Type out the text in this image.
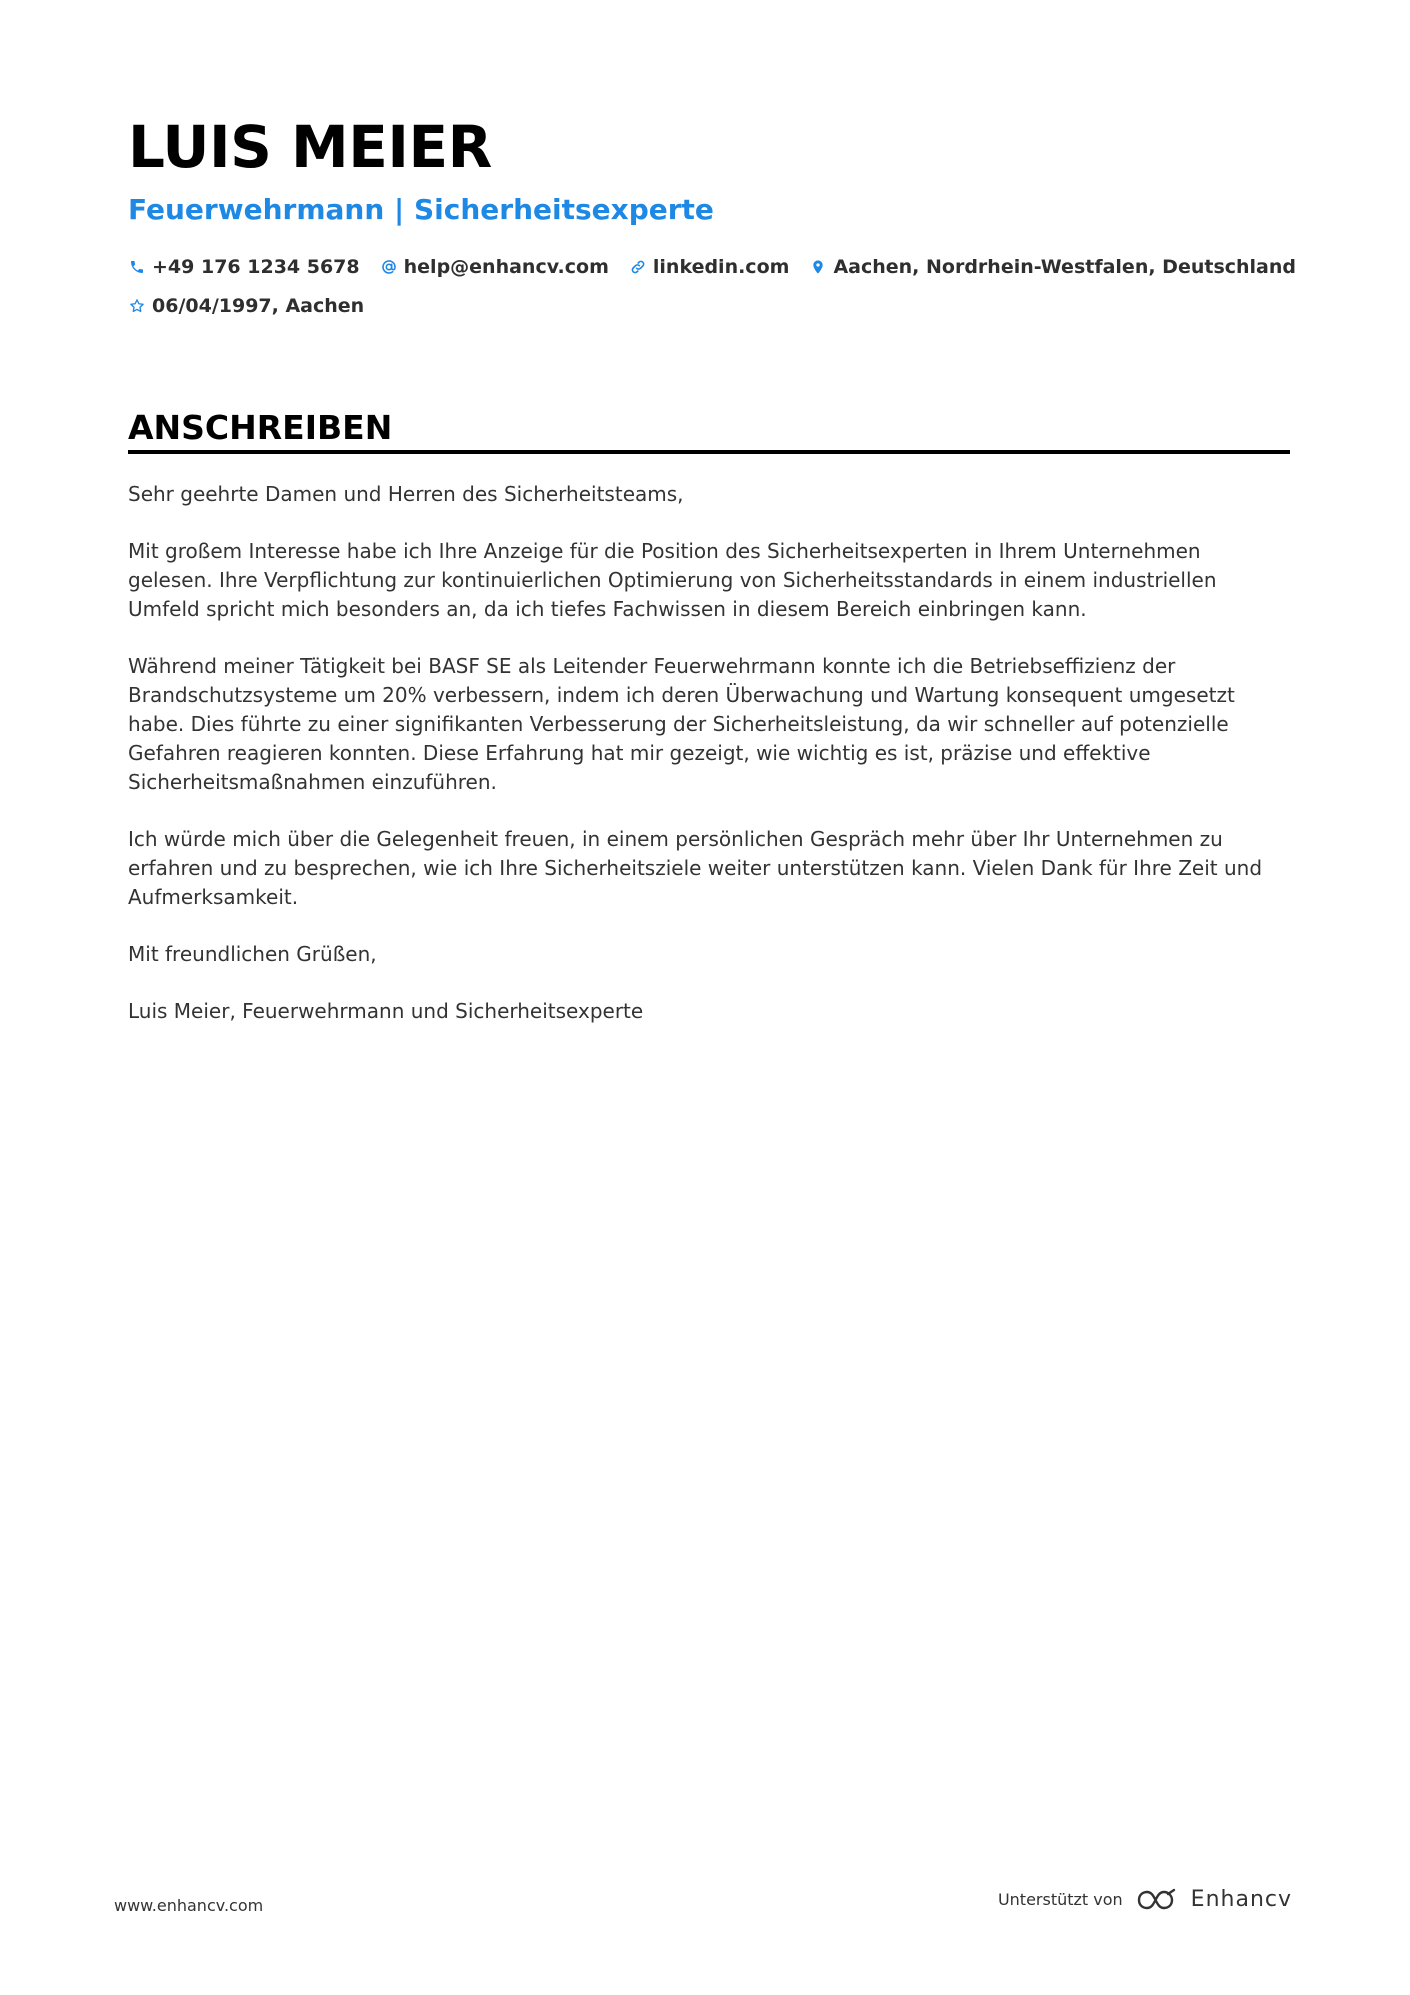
LUIS MEIER
Feuerwehrmann | Sicherheitsexperte
+49 176 1234 5678 help@enhancv.com linkedin.com Aachen, Nordrhein-Westfalen, Deutschland
06/04/1997, Aachen
ANSCHREIBEN

Sehr geehrte Damen und Herren des Sicherheitsteams,

Mit großem Interesse habe ich Ihre Anzeige für die Position des Sicherheitsexperten in Ihrem Unternehmen gelesen. Ihre Verpflichtung zur kontinuierlichen Optimierung von Sicherheitsstandards in einem industriellen Umfeld spricht mich besonders an, da ich tiefes Fachwissen in diesem Bereich einbringen kann.

Während meiner Tätigkeit bei BASF SE als Leitender Feuerwehrmann konnte ich die Betriebseffizienz der Brandschutzsysteme um 20% verbessern, indem ich deren Überwachung und Wartung konsequent umgesetzt habe. Dies führte zu einer signifikanten Verbesserung der Sicherheitsleistung, da wir schneller auf potenzielle Gefahren reagieren konnten. Diese Erfahrung hat mir gezeigt, wie wichtig es ist, präzise und effektive Sicherheitsmaßnahmen einzuführen.

Ich würde mich über die Gelegenheit freuen, in einem persönlichen Gespräch mehr über Ihr Unternehmen zu erfahren und zu besprechen, wie ich Ihre Sicherheitsziele weiter unterstützen kann. Vielen Dank für Ihre Zeit und Aufmerksamkeit.

Mit freundlichen Grüßen,

Luis Meier, Feuerwehrmann und Sicherheitsexperte

www.enhancv.com	Unterstützt von	Enhancv
